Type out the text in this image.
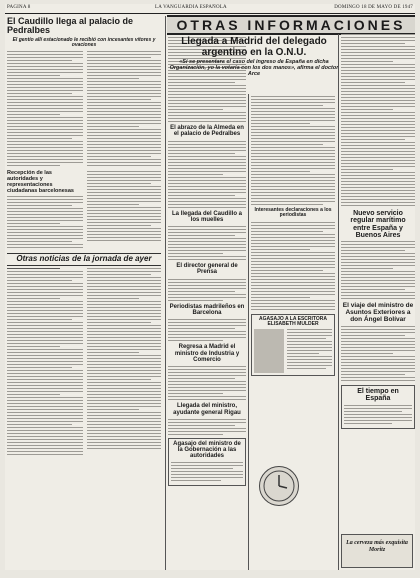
PAGINA 8	LA VANGUARDIA ESPAÑOLA	DOMINGO 18 DE MAYO DE 1947
El Caudillo llega al palacio de Pedralbes
El gentío allí estacionado le recibió con incesantes vítores y ovaciones
Recepción de las autoridades y representaciones ciudadanas barcelonesas
Otras noticias de la jornada de ayer
El abrazo de la Almeda en el palacio de Pedralbes
La llegada del Caudillo a los muelles
El director general de Prensa
Periodistas madrileños en Barcelona
Regresa a Madrid el ministro de Industria y Comercio
Llegada del ministro, ayudante general Rigau
Agasajo del ministro de la Gobernación a las autoridades
OTRAS INFORMACIONES
Llegada a Madrid del delegado argentino en la O.N.U.
«Si se presentara el caso del ingreso de España en dicha Organización, yo la votaría con los dos manos», afirma el doctor Arce
Interesantes declaraciones a los periodistas
AGASAJO A LA ESCRITORA ELISABETH MULDER
Nuevo servicio regular marítimo entre España y Buenos Aires
El viaje del ministro de Asuntos Exteriores a don Ángel Bolívar
El tiempo en España
La cerveza más exquisita Moritz
